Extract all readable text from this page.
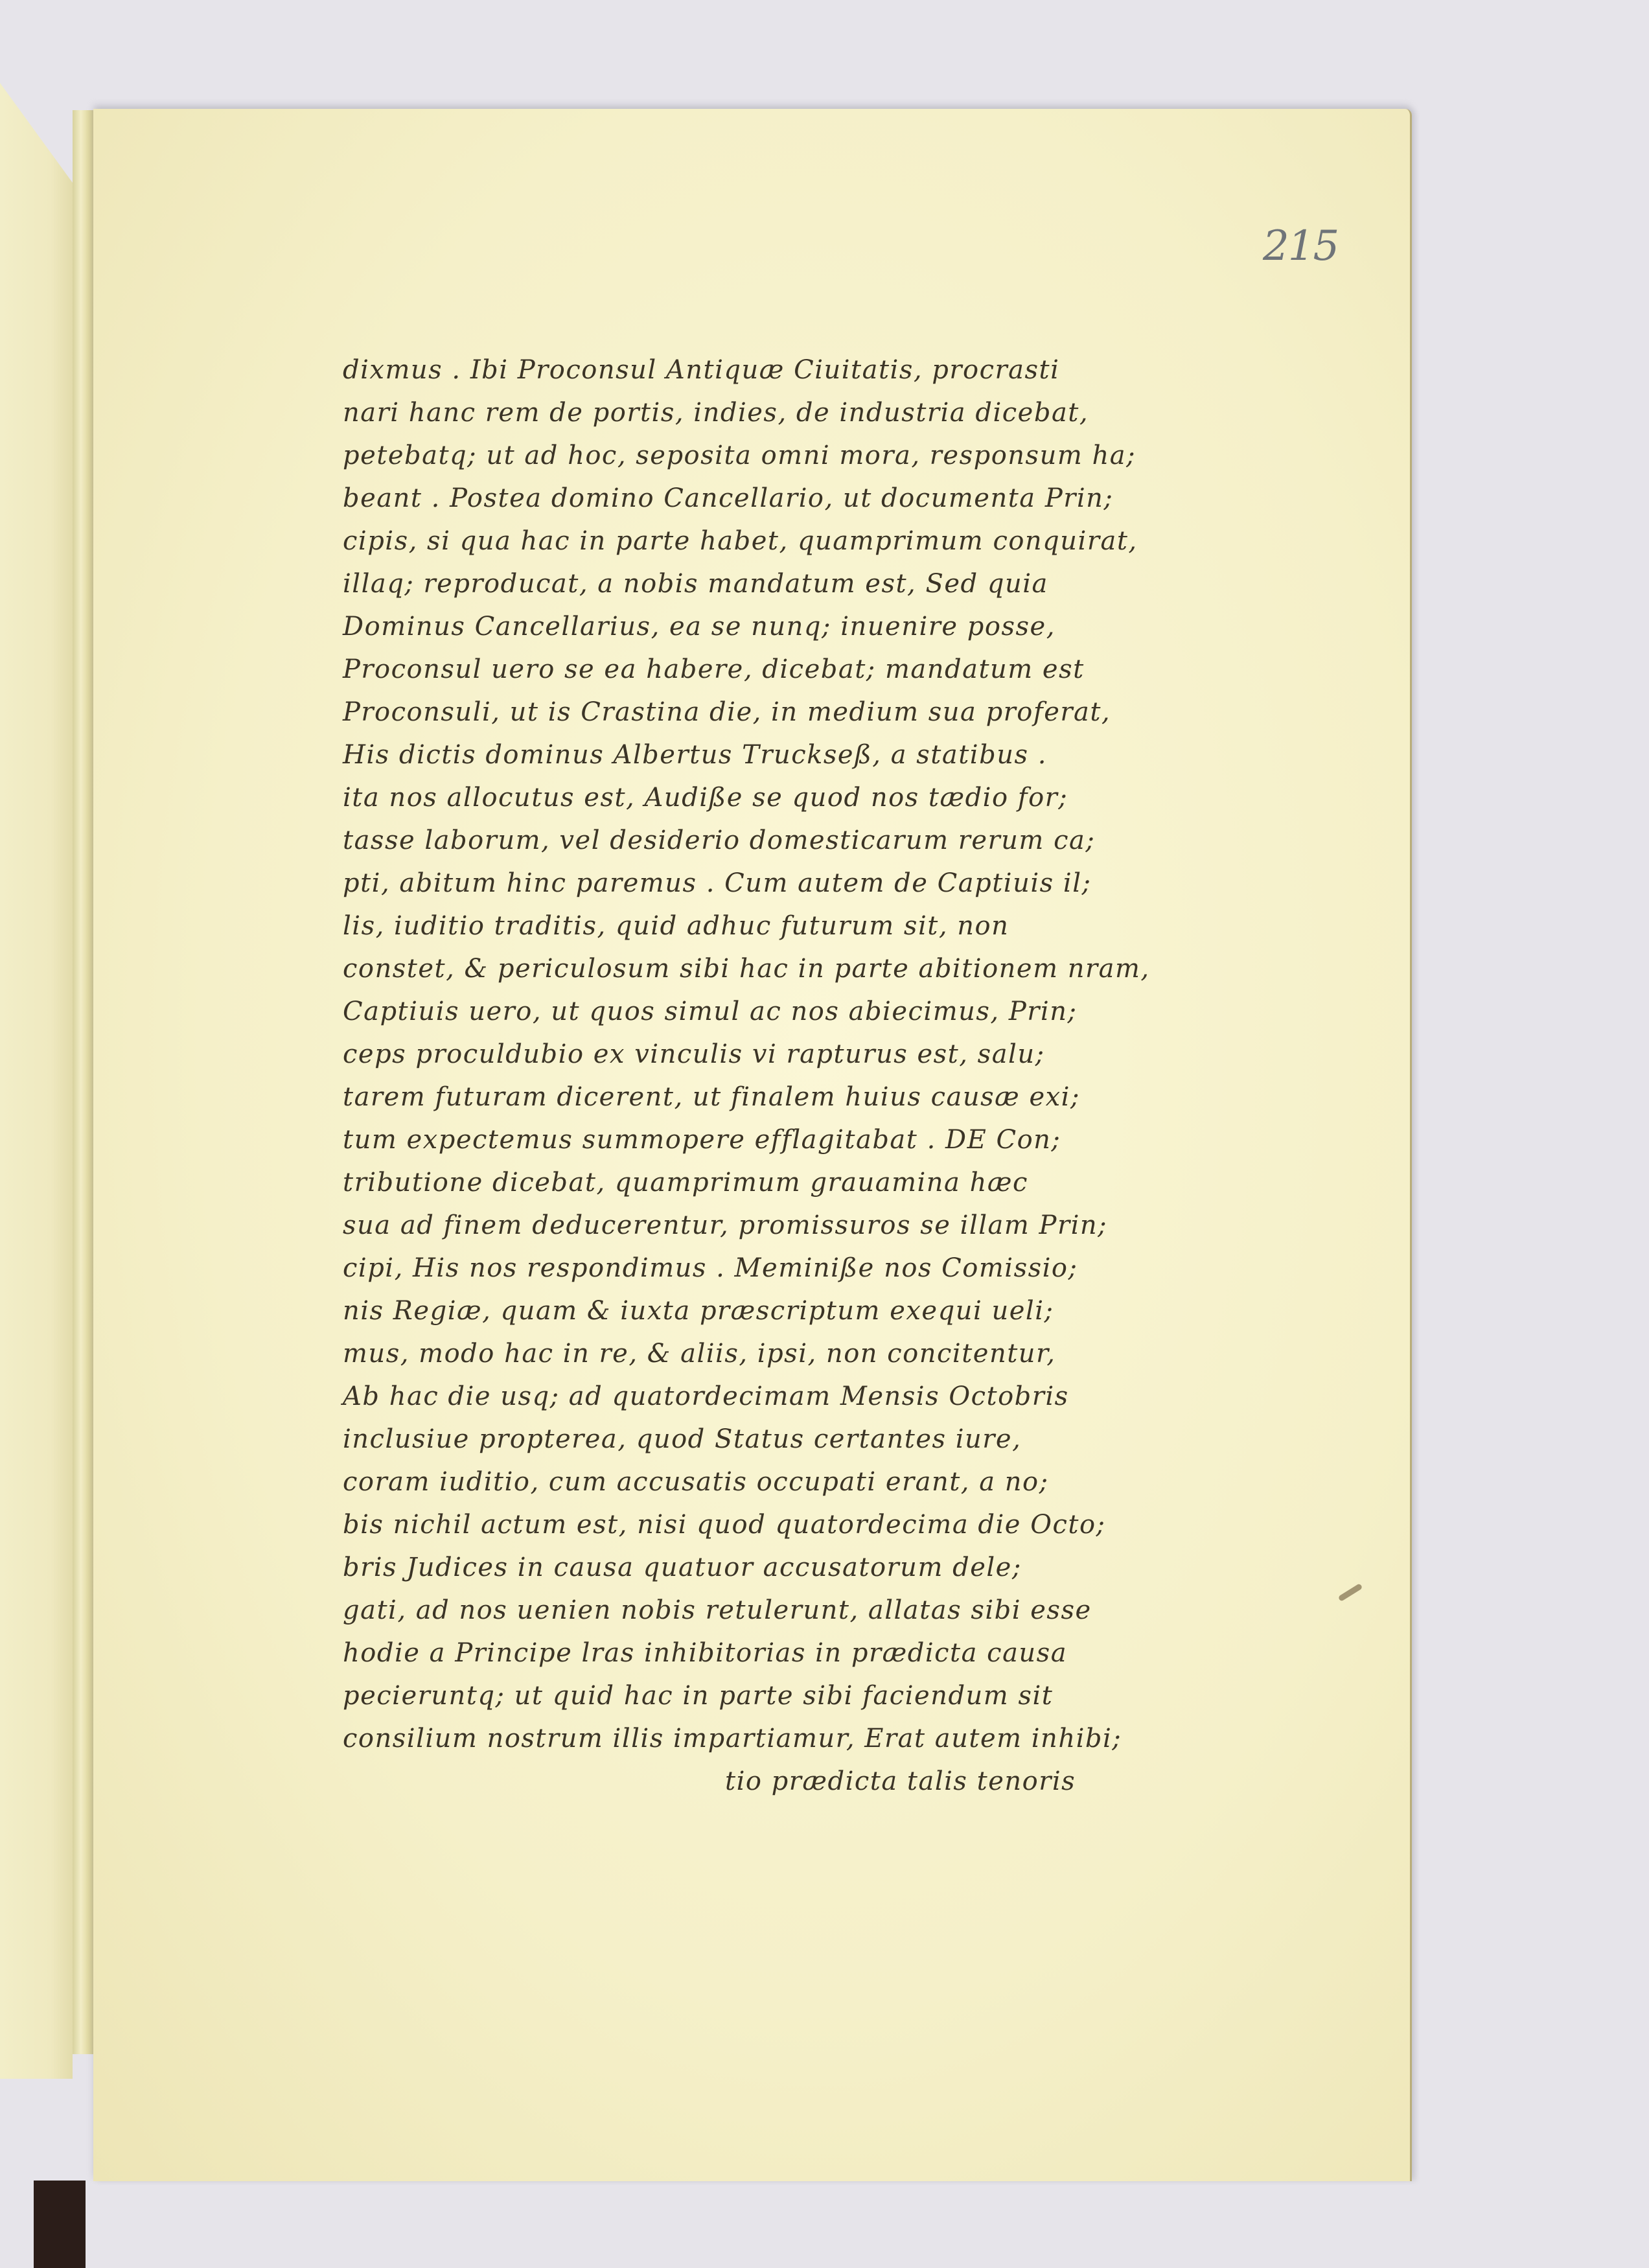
215
dixmus . Ibi Proconsul Antiquæ Ciuitatis, procrasti
nari hanc rem de portis, indies, de industria dicebat,
petebatq; ut ad hoc, seposita omni mora, responsum ha;
beant . Postea domino Cancellario, ut documenta Prin;
cipis, si qua hac in parte habet, quamprimum conquirat,
illaq; reproducat, a nobis mandatum est, Sed quia
Dominus Cancellarius, ea se nunq; inuenire posse,
Proconsul uero se ea habere, dicebat; mandatum est
Proconsuli, ut is Crastina die, in medium sua proferat,
His dictis dominus Albertus Truckseß, a statibus .
ita nos allocutus est, Audiße se quod nos tædio for;
tasse laborum, vel desiderio domesticarum rerum ca;
pti, abitum hinc paremus . Cum autem de Captiuis il;
lis, iuditio traditis, quid adhuc futurum sit, non
constet, & periculosum sibi hac in parte abitionem nram,
Captiuis uero, ut quos simul ac nos abiecimus, Prin;
ceps proculdubio ex vinculis vi rapturus est, salu;
tarem futuram dicerent, ut finalem huius causæ exi;
tum expectemus summopere efflagitabat . DE Con;
tributione dicebat, quamprimum grauamina hæc
sua ad finem deducerentur, promissuros se illam Prin;
cipi, His nos respondimus . Meminiße nos Comissio;
nis Regiæ, quam & iuxta præscriptum exequi ueli;
mus, modo hac in re, & aliis, ipsi, non concitentur,
Ab hac die usq; ad quatordecimam Mensis Octobris
inclusiue propterea, quod Status certantes iure,
coram iuditio, cum accusatis occupati erant, a no;
bis nichil actum est, nisi quod quatordecima die Octo;
bris Judices in causa quatuor accusatorum dele;
gati, ad nos uenien nobis retulerunt, allatas sibi esse
hodie a Principe lras inhibitorias in prædicta causa
pecieruntq; ut quid hac in parte sibi faciendum sit
consilium nostrum illis impartiamur, Erat autem inhibi;
tio prædicta talis tenoris
